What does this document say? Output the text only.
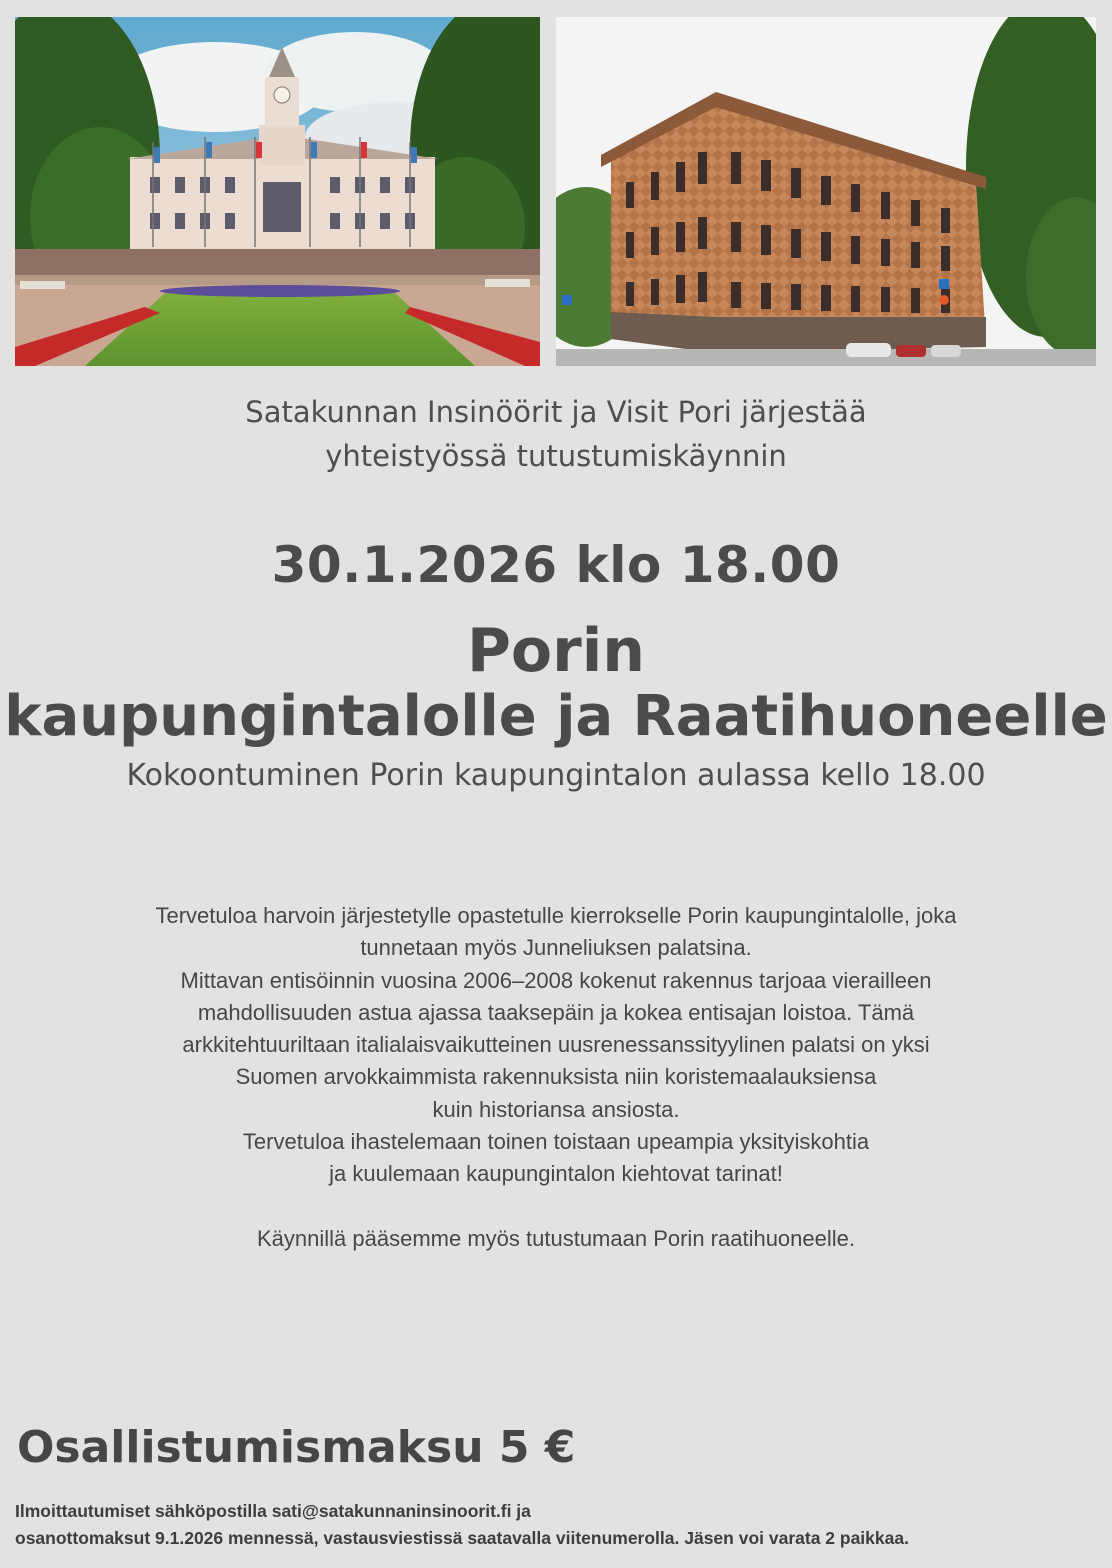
Satakunnan Insinöörit ja Visit Pori järjestää
yhteistyössä tutustumiskäynnin
30.1.2026 klo 18.00
Porin
kaupungintalolle ja Raatihuoneelle
Kokoontuminen Porin kaupungintalon aulassa kello 18.00

Tervetuloa harvoin järjestetylle opastetulle kierrokselle Porin kaupungintalolle, joka

tunnetaan myös Junneliuksen palatsina.

Mittavan entisöinnin vuosina 2006–2008 kokenut rakennus tarjoaa vierailleen

mahdollisuuden astua ajassa taaksepäin ja kokea entisajan loistoa. Tämä

arkkitehtuuriltaan italialaisvaikutteinen uusrenessanssityylinen palatsi on yksi

Suomen arvokkaimmista rakennuksista niin koristemaalauksiensa

kuin historiansa ansiosta.

Tervetuloa ihastelemaan toinen toistaan upeampia yksityiskohtia

ja kuulemaan kaupungintalon kiehtovat tarinat!

Käynnillä pääsemme myös tutustumaan Porin raatihuoneelle.

Osallistumismaksu 5 €

Ilmoittautumiset sähköpostilla sati@satakunnaninsinoorit.fi ja

osanottomaksut 9.1.2026 mennessä, vastausviestissä saatavalla viitenumerolla. Jäsen voi varata 2 paikkaa.
